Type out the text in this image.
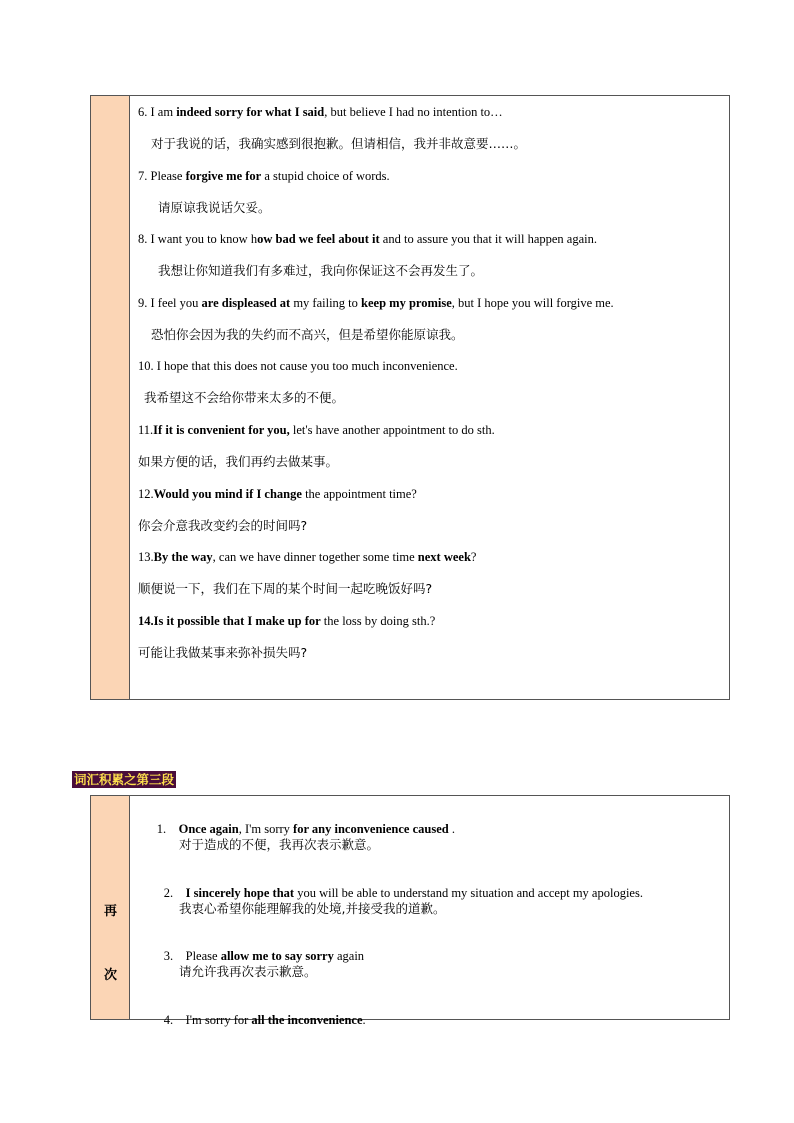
6. I am indeed sorry for what I said, but believe I had no intention to…
对于我说的话，我确实感到很抱歉。但请相信，我并非故意要……。
7. Please forgive me for a stupid choice of words.
请原谅我说话欠妥。
8. I want you to know how bad we feel about it and to assure you that it will happen again.
我想让你知道我们有多难过，我向你保证这不会再发生了。
9. I feel you are displeased at my failing to keep my promise, but I hope you will forgive me.
恐怕你会因为我的失约而不高兴，但是希望你能原谅我。
10. I hope that this does not cause you too much inconvenience.
我希望这不会给你带来太多的不便。
11.If it is convenient for you, let's have another appointment to do sth.
如果方便的话，我们再约去做某事。
12.Would you mind if I change the appointment time?
你会介意我改变约会的时间吗?
13.By the way, can we have dinner together some time next week?
顺便说一下，我们在下周的某个时间一起吃晚饭好吗?
14.Is it possible that I make up for the loss by doing sth.?
可能让我做某事来弥补损失吗?
词汇积累之第三段
再
次

1.    Once again, I'm sorry for any inconvenience caused .

对于造成的不便，我再次表示歉意。

2.    I sincerely hope that you will be able to understand my situation and accept my apologies.

我衷心希望你能理解我的处境,并接受我的道歉。

3.    Please allow me to say sorry again

请允许我再次表示歉意。

4.    I'm sorry for all the inconvenience.
